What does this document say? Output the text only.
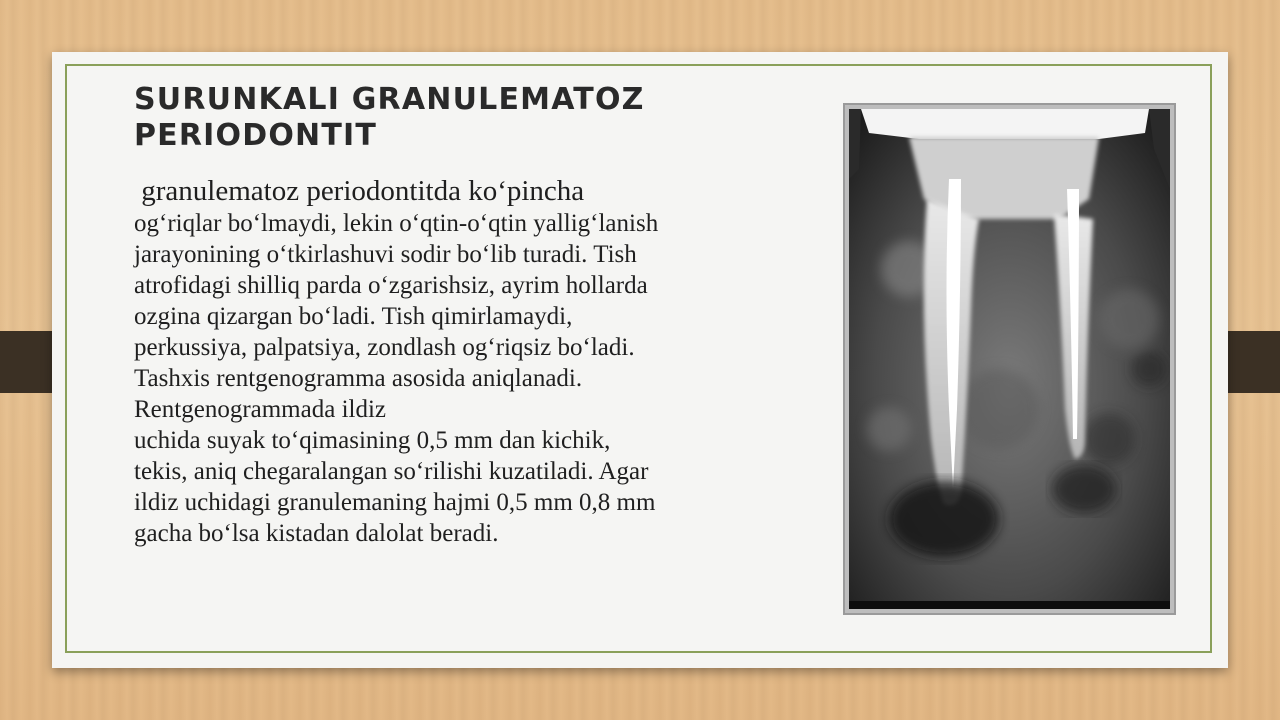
SURUNKALI GRANULEMATOZ
PERIODONTIT
granulematoz periodontitda ko‘pincha
og‘riqlar bo‘lmaydi, lekin o‘qtin-o‘qtin yallig‘lanish
jarayonining o‘tkirlashuvi sodir bo‘lib turadi. Tish
atrofidagi shilliq parda o‘zgarishsiz, ayrim hollarda
ozgina qizargan bo‘ladi. Tish qimirlamaydi,
perkussiya, palpatsiya, zondlash og‘riqsiz bo‘ladi.
Tashxis rentgenogramma asosida aniqlanadi.
Rentgenogrammada ildiz
uchida suyak to‘qimasining 0,5 mm dan kichik,
tekis, aniq chegaralangan so‘rilishi kuzatiladi. Agar
ildiz uchidagi granulemaning hajmi 0,5 mm 0,8 mm
gacha bo‘lsa kistadan dalolat beradi.
